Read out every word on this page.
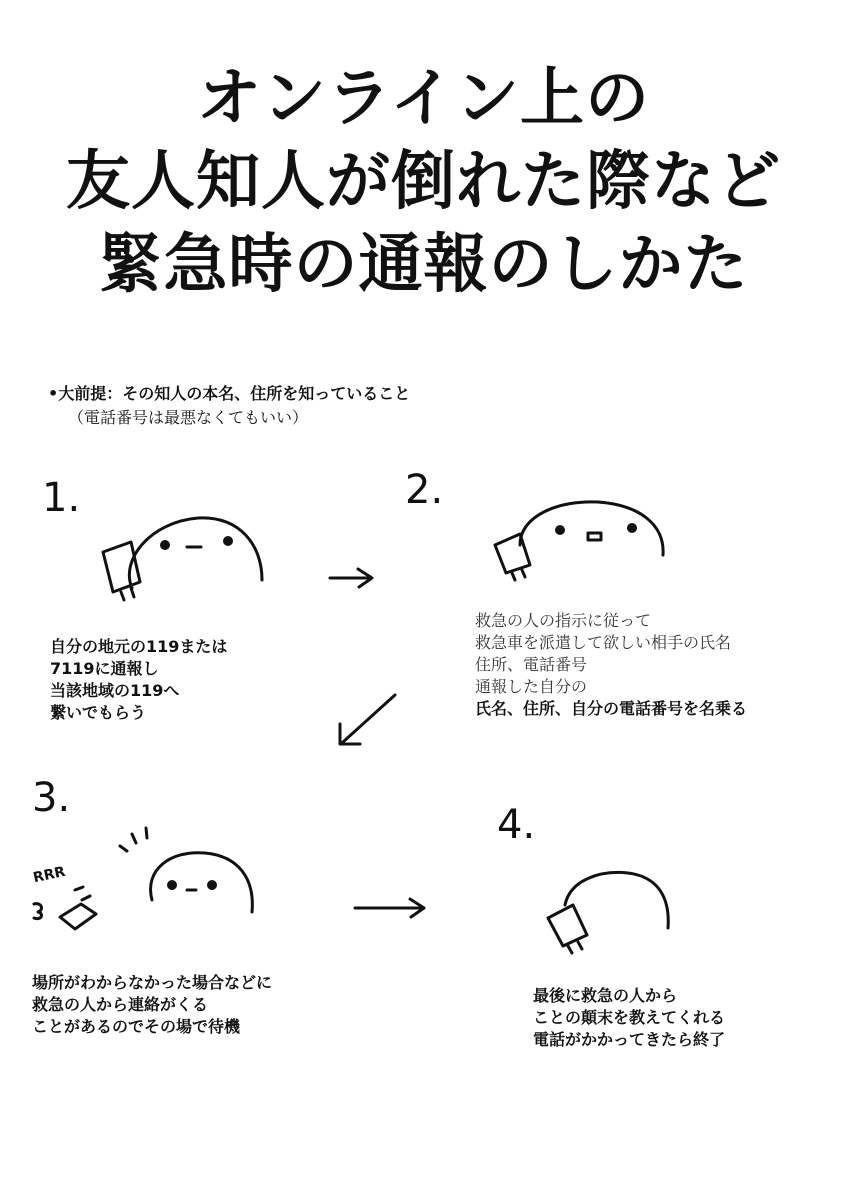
オンライン上の
友人知人が倒れた際など
緊急時の通報のしかた
•大前提：その知人の本名、住所を知っていること
（電話番号は最悪なくてもいい）
1.	2.
3.
4.
自分の地元の119または
7119に通報し
当該地域の119へ
繋いでもらう
救急の人の指示に従って
救急車を派遣して欲しい相手の氏名
住所、電話番号
通報した自分の
氏名、住所、自分の電話番号を名乗る
場所がわからなかった場合などに
救急の人から連絡がくる
ことがあるのでその場で待機
最後に救急の人から
ことの顛末を教えてくれる
電話がかかってきたら終了
RRR
